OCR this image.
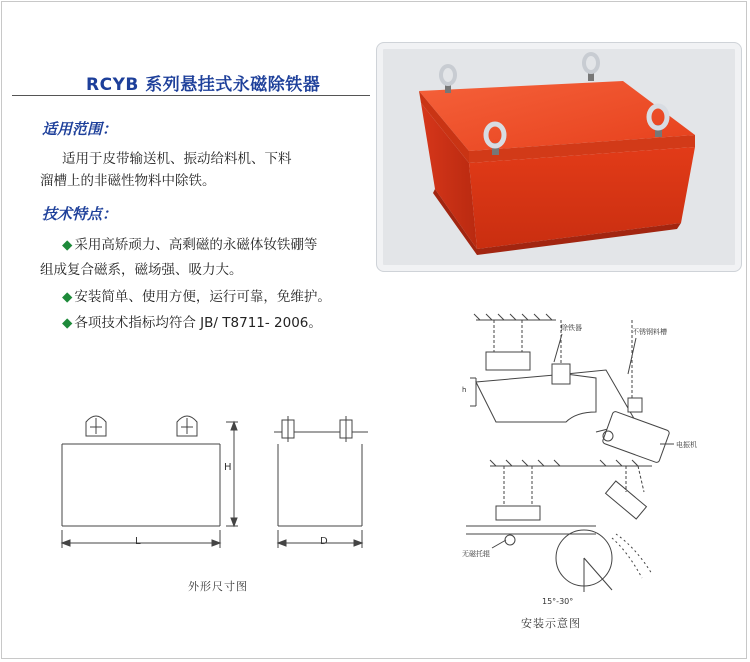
RCYB 系列悬挂式永磁除铁器
适用范围：
适用于皮带输送机、振动给料机、下料
溜槽上的非磁性物料中除铁。
技术特点：
◆ 采用高矫顽力、高剩磁的永磁体钕铁硼等
组成复合磁系，磁场强、吸力大。
◆ 安装简单、使用方便，运行可靠，免维护。
◆ 各项技术指标均符合 JB/ T8711- 2006。
L
H
D
外形尺寸图
除铁器	不锈钢料槽
电振机
h
无磁托辊
15°-30°
安装示意图
